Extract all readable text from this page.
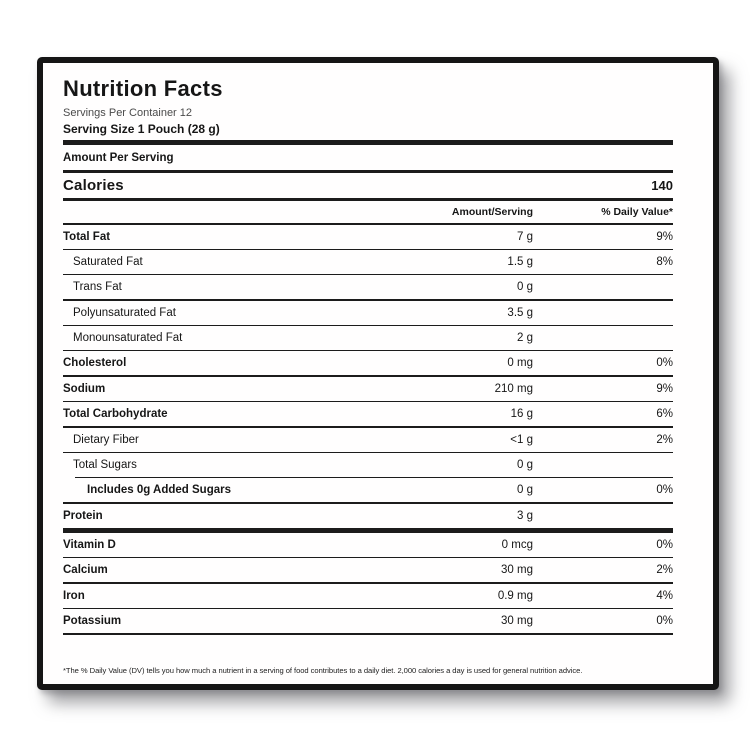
Nutrition Facts
Servings Per Container 12
Serving Size 1 Pouch (28 g)
Amount Per Serving
Calories	140
Amount/Serving	% Daily Value*
Total Fat	7 g	9%
Saturated Fat	1.5 g	8%
Trans Fat	0 g
Polyunsaturated Fat	3.5 g
Monounsaturated Fat	2 g
Cholesterol	0 mg	0%
Sodium	210 mg	9%
Total Carbohydrate	16 g	6%
Dietary Fiber	<1 g	2%
Total Sugars	0 g
Includes 0g Added Sugars	0 g	0%
Protein	3 g
Vitamin D	0 mcg	0%
Calcium	30 mg	2%
Iron	0.9 mg	4%
Potassium	30 mg	0%
*The % Daily Value (DV) tells you how much a nutrient in a serving of food contributes to a daily diet. 2,000 calories a day is used for general nutrition advice.
